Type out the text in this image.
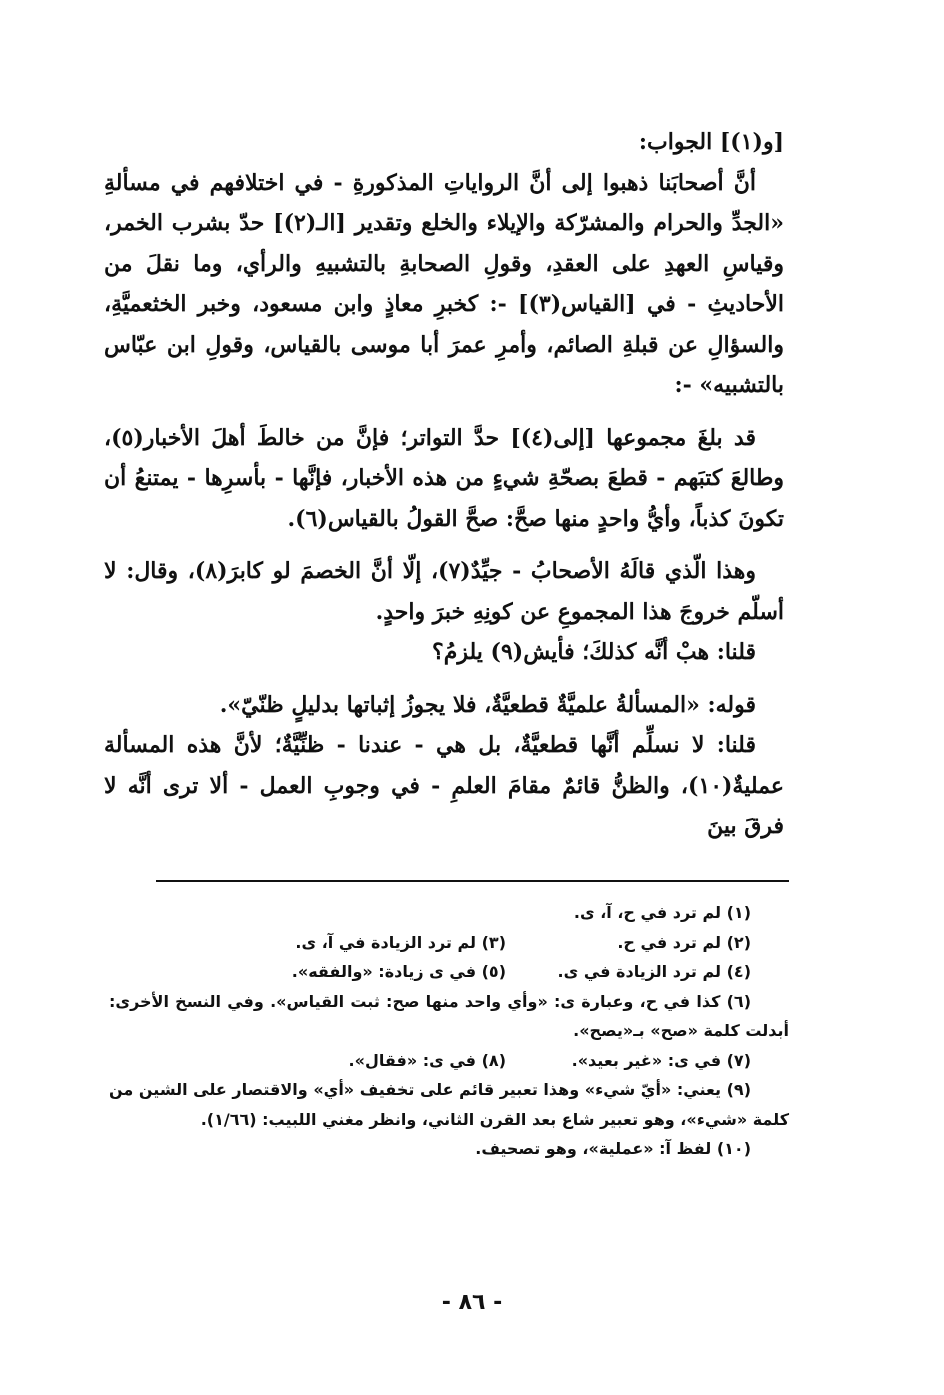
[و(١)] الجواب:

أنَّ أصحابَنا ذهبوا إلى أنَّ الرواياتِ المذكورةِ - في اختلافهم في مسألةِ «الجدِّ والحرام والمشرّكة والإيلاء والخلع وتقدير [الـ(٢)] حدّ بشرب الخمر، وقياسِ العهدِ على العقدِ، وقولِ الصحابةِ بالتشبيهِ والرأي، وما نقلَ من الأحاديثِ - في [القياس(٣)] -: كخبرِ معاذٍ وابن مسعود، وخبر الخثعميَّةِ، والسؤالِ عن قبلةِ الصائم، وأمرِ عمرَ أبا موسى بالقياس، وقولِ ابن عبّاس بالتشبيه» -:

قد بلغَ مجموعها [إلى(٤)] حدَّ التواتر؛ فإنَّ من خالطَ أهلَ الأخبار(٥)، وطالعَ كتبَهم - قطعَ بصحّةِ شيءٍ من هذه الأخبار، فإنَّها - بأسرِها - يمتنعُ أن تكونَ كذباً، وأيُّ واحدٍ منها صحَّ: صحَّ القولُ بالقياس(٦).

وهذا الّذي قالَهُ الأصحابُ - جيِّدٌ(٧)، إلّا أنَّ الخصمَ لو كابرَ(٨)، وقال: لا أسلّم خروجَ هذا المجموعِ عن كونِهِ خبرَ واحدٍ.

قلنا: هبْ أنَّه كذلكَ؛ فأيش(٩) يلزمُ؟

قوله: «المسألةُ علميَّةٌ قطعيَّةٌ، فلا يجوزُ إثباتها بدليلٍ ظنّيّ».

قلنا: لا نسلِّم أنَّها قطعيَّةٌ، بل هي - عندنا - ظنِّيَّةٌ؛ لأنَّ هذه المسألة عمليةٌ(١٠)، والظنُّ قائمٌ مقامَ العلمِ - في وجوبِ العمل - ألا ترى أنَّه لا فرقَ بينَ

(١) لم ترد في ح، آ، ى.
(٢) لم ترد في ح.
(٣) لم ترد الزيادة في آ، ى.
(٤) لم ترد الزيادة في ى.
(٥) في ى زيادة: «والفقه».
(٦) كذا في ح، وعبارة ى: «وأي واحد منها صح: ثبت القياس». وفي النسخ الأخرى: أبدلت كلمة «صح» بـ«يصح».
(٧) في ى: «غير بعيد».
(٨) في ى: «فقال».
(٩) يعني: «أيّ شيء» وهذا تعبير قائم على تخفيف «أي» والاقتصار على الشين من كلمة «شيء»، وهو تعبير شاع بعد القرن الثاني، وانظر مغني اللبيب: (١/٦٦).
(١٠) لفظ آ: «عملية»، وهو تصحيف.
- ٨٦ -
